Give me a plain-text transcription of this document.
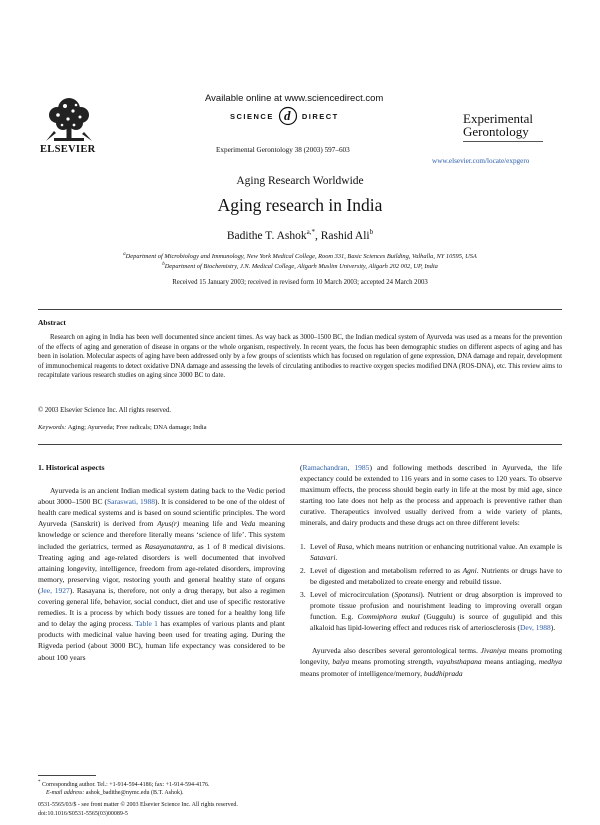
ELSEVIER
Available online at www.sciencedirect.com
SCIENCE d DIRECT
Experimental Gerontology 38 (2003) 597–603
Experimental
Gerontology
www.elsevier.com/locate/expgero
Aging Research Worldwide
Aging research in India
Badithe T. Ashok$^{a,*}$, Rashid Ali$^b$
$^a$Department of Microbiology and Immunology, New York Medical College, Room 331, Basic Sciences Building, Valhalla, NY 10595, USA
$^b$Department of Biochemistry, J.N. Medical College, Aligarh Muslim University, Aligarh 202 002, UP, India
Received 15 January 2003; received in revised form 10 March 2003; accepted 24 March 2003
Abstract
Research on aging in India has been well documented since ancient times. As way back as 3000–1500 BC, the Indian medical system of Ayurveda was used as a means for the prevention of the effects of aging and generation of disease in organs or the whole organism, respectively. In recent years, the focus has been demographic studies on different aspects of aging and has been in isolation. Molecular aspects of aging have been addressed only by a few groups of scientists which has focused on regulation of gene expression, DNA damage and repair, development of immunochemical reagents to detect oxidative DNA damage and assessing the levels of circulating antibodies to reactive oxygen species modified DNA (ROS-DNA), etc. This review aims to recapitulate various research studies on aging since 3000 BC to date.
© 2003 Elsevier Science Inc. All rights reserved.
Keywords: Aging; Ayurveda; Free radicals; DNA damage; India
1. Historical aspects

Ayurveda is an ancient Indian medical system dating back to the Vedic period about 3000–1500 BC (Saraswati, 1988). It is considered to be one of the oldest of health care medical systems and is based on sound scientific principles. The word Ayurveda (Sanskrit) is derived from Ayus(r) meaning life and Veda meaning knowledge or science and therefore literally means ‘science of life’. This system included the geriatrics, termed as Rasayanatantra, as 1 of 8 medical divisions. Treating aging and age-related disorders is well documented that involved attaining longevity, intelligence, freedom from age-related disorders, improving memory, preserving vigor, restoring youth and general healthy state of organs (Jee, 1927). Rasayana is, therefore, not only a drug therapy, but also a regimen covering general life, behavior, social conduct, diet and use of specific restorative remedies. It is a process by which body tissues are toned for a healthy long life and to delay the aging process. Table 1 has examples of various plants and plant products with medicinal value having been used for treating aging. During the Rigveda period (about 3000 BC), human life expectancy was considered to be about 100 years

(Ramachandran, 1985) and following methods described in Ayurveda, the life expectancy could be extended to 116 years and in some cases to 120 years. To observe maximum effects, the process should begin early in life at the most by mid age, since starting too late does not help as the process and approach is preventive rather than curative. Therapeutics involved usually derived from a wide variety of plants, minerals, and dairy products and these drugs act on three different levels:

1. Level of Rasa, which means nutrition or enhancing nutritional value. An example is Satavari.
2. Level of digestion and metabolism referred to as Agni. Nutrients or drugs have to be digested and metabolized to create energy and rebuild tissue.
3. Level of microcirculation (Spotansi). Nutrient or drug absorption is improved to promote tissue profusion and nourishment leading to improving overall organ function. E.g. Commiphora mukul (Guggulu) is source of gugulipid and this alkaloid has lipid-lowering effect and reduces risk of arteriosclerosis (Dev, 1988).

Ayurveda also describes several gerontological terms. Jivaniya means promoting longevity, balya means promoting strength, vayahsthapana means antiaging, medhya means promoter of intelligence/memory, buddhiprada

* Corresponding author. Tel.: +1-914-594-4186; fax: +1-914-594-4176.
E-mail address: ashok_badithe@nymc.edu (B.T. Ashok).
0531-5565/03/$ - see front matter © 2003 Elsevier Science Inc. All rights reserved.
doi:10.1016/S0531-5565(03)00089-5
